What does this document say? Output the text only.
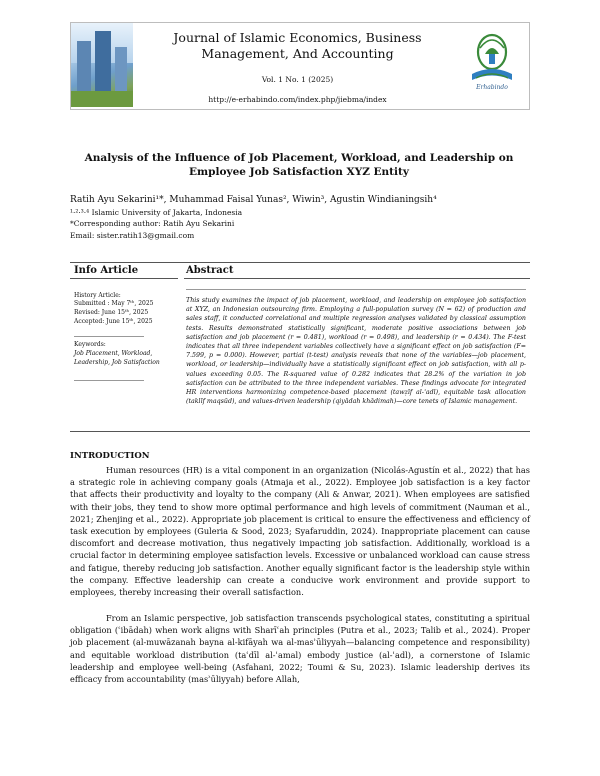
Journal of Islamic Economics, Business Management, And Accounting
Vol. 1 No. 1 (2025)
http://e-erhabindo.com/index.php/jiebma/index
Erhabindo
Analysis of the Influence of Job Placement, Workload, and Leadership on Employee Job Satisfaction XYZ Entity
Ratih Ayu Sekarini¹*, Muhammad Faisal Yunas², Wiwin³, Agustin Windianingsih⁴
¹·²·³·⁴ Islamic University of Jakarta, Indonesia
*Corresponding author: Ratih Ayu Sekarini
Email: sister.ratih13@gmail.com
Info Article	Abstract
History Article:
Submitted : May 7ᵗʰ, 2025
Revised: June 15ᵗʰ, 2025
Accepted: June 15ᵗʰ, 2025
Keywords:
Job Placement, Workload,
Leadership, Job Satisfaction
This study examines the impact of job placement, workload, and leadership on employee job satisfaction at XYZ, an Indonesian outsourcing firm. Employing a full-population survey (N = 62) of production and sales staff, it conducted correlational and multiple regression analyses validated by classical assumption tests. Results demonstrated statistically significant, moderate positive associations between job satisfaction and job placement (r = 0.481), workload (r = 0.498), and leadership (r = 0.434). The F-test indicates that all three independent variables collectively have a significant effect on job satisfaction (F= 7.599, p = 0.000). However, partial (t-test) analysis reveals that none of the variables—job placement, workload, or leadership—individually have a statistically significant effect on job satisfaction, with all p-values exceeding 0.05. The R-squared value of 0.282 indicates that 28.2% of the variation in job satisfaction can be attributed to the three independent variables. These findings advocate for integrated HR interventions harmonizing competence-based placement (tawẓīf al-ʿadl), equitable task allocation (taklīf maqsūd), and values-driven leadership (qiyādah khādimah)—core tenets of Islamic management.
INTRODUCTION
Human resources (HR) is a vital component in an organization (Nicolás-Agustín et al., 2022) that has a strategic role in achieving company goals (Atmaja et al., 2022). Employee job satisfaction is a key factor that affects their productivity and loyalty to the company (Ali & Anwar, 2021). When employees are satisfied with their jobs, they tend to show more optimal performance and high levels of commitment (Nauman et al., 2021; Zhenjing et al., 2022). Appropriate job placement is critical to ensure the effectiveness and efficiency of task execution by employees (Guleria & Sood, 2023; Syafaruddin, 2024). Inappropriate placement can cause discomfort and decrease motivation, thus negatively impacting job satisfaction. Additionally, workload is a crucial factor in determining employee satisfaction levels. Excessive or unbalanced workload can cause stress and fatigue, thereby reducing job satisfaction. Another equally significant factor is the leadership style within the company. Effective leadership can create a conducive work environment and provide support to employees, thereby increasing their overall satisfaction.
From an Islamic perspective, job satisfaction transcends psychological states, constituting a spiritual obligation (ʿibādah) when work aligns with Sharīʿah principles (Putra et al., 2023; Talib et al., 2024). Proper job placement (al-muwāzanah bayna al-kifāyah wa al-masʾūliyyah—balancing competence and responsibility) and equitable workload distribution (taʿdīl al-ʿamal) embody justice (al-ʿadl), a cornerstone of Islamic leadership and employee well-being (Asfahani, 2022; Toumi & Su, 2023). Islamic leadership derives its efficacy from accountability (masʾūliyyah) before Allah,
